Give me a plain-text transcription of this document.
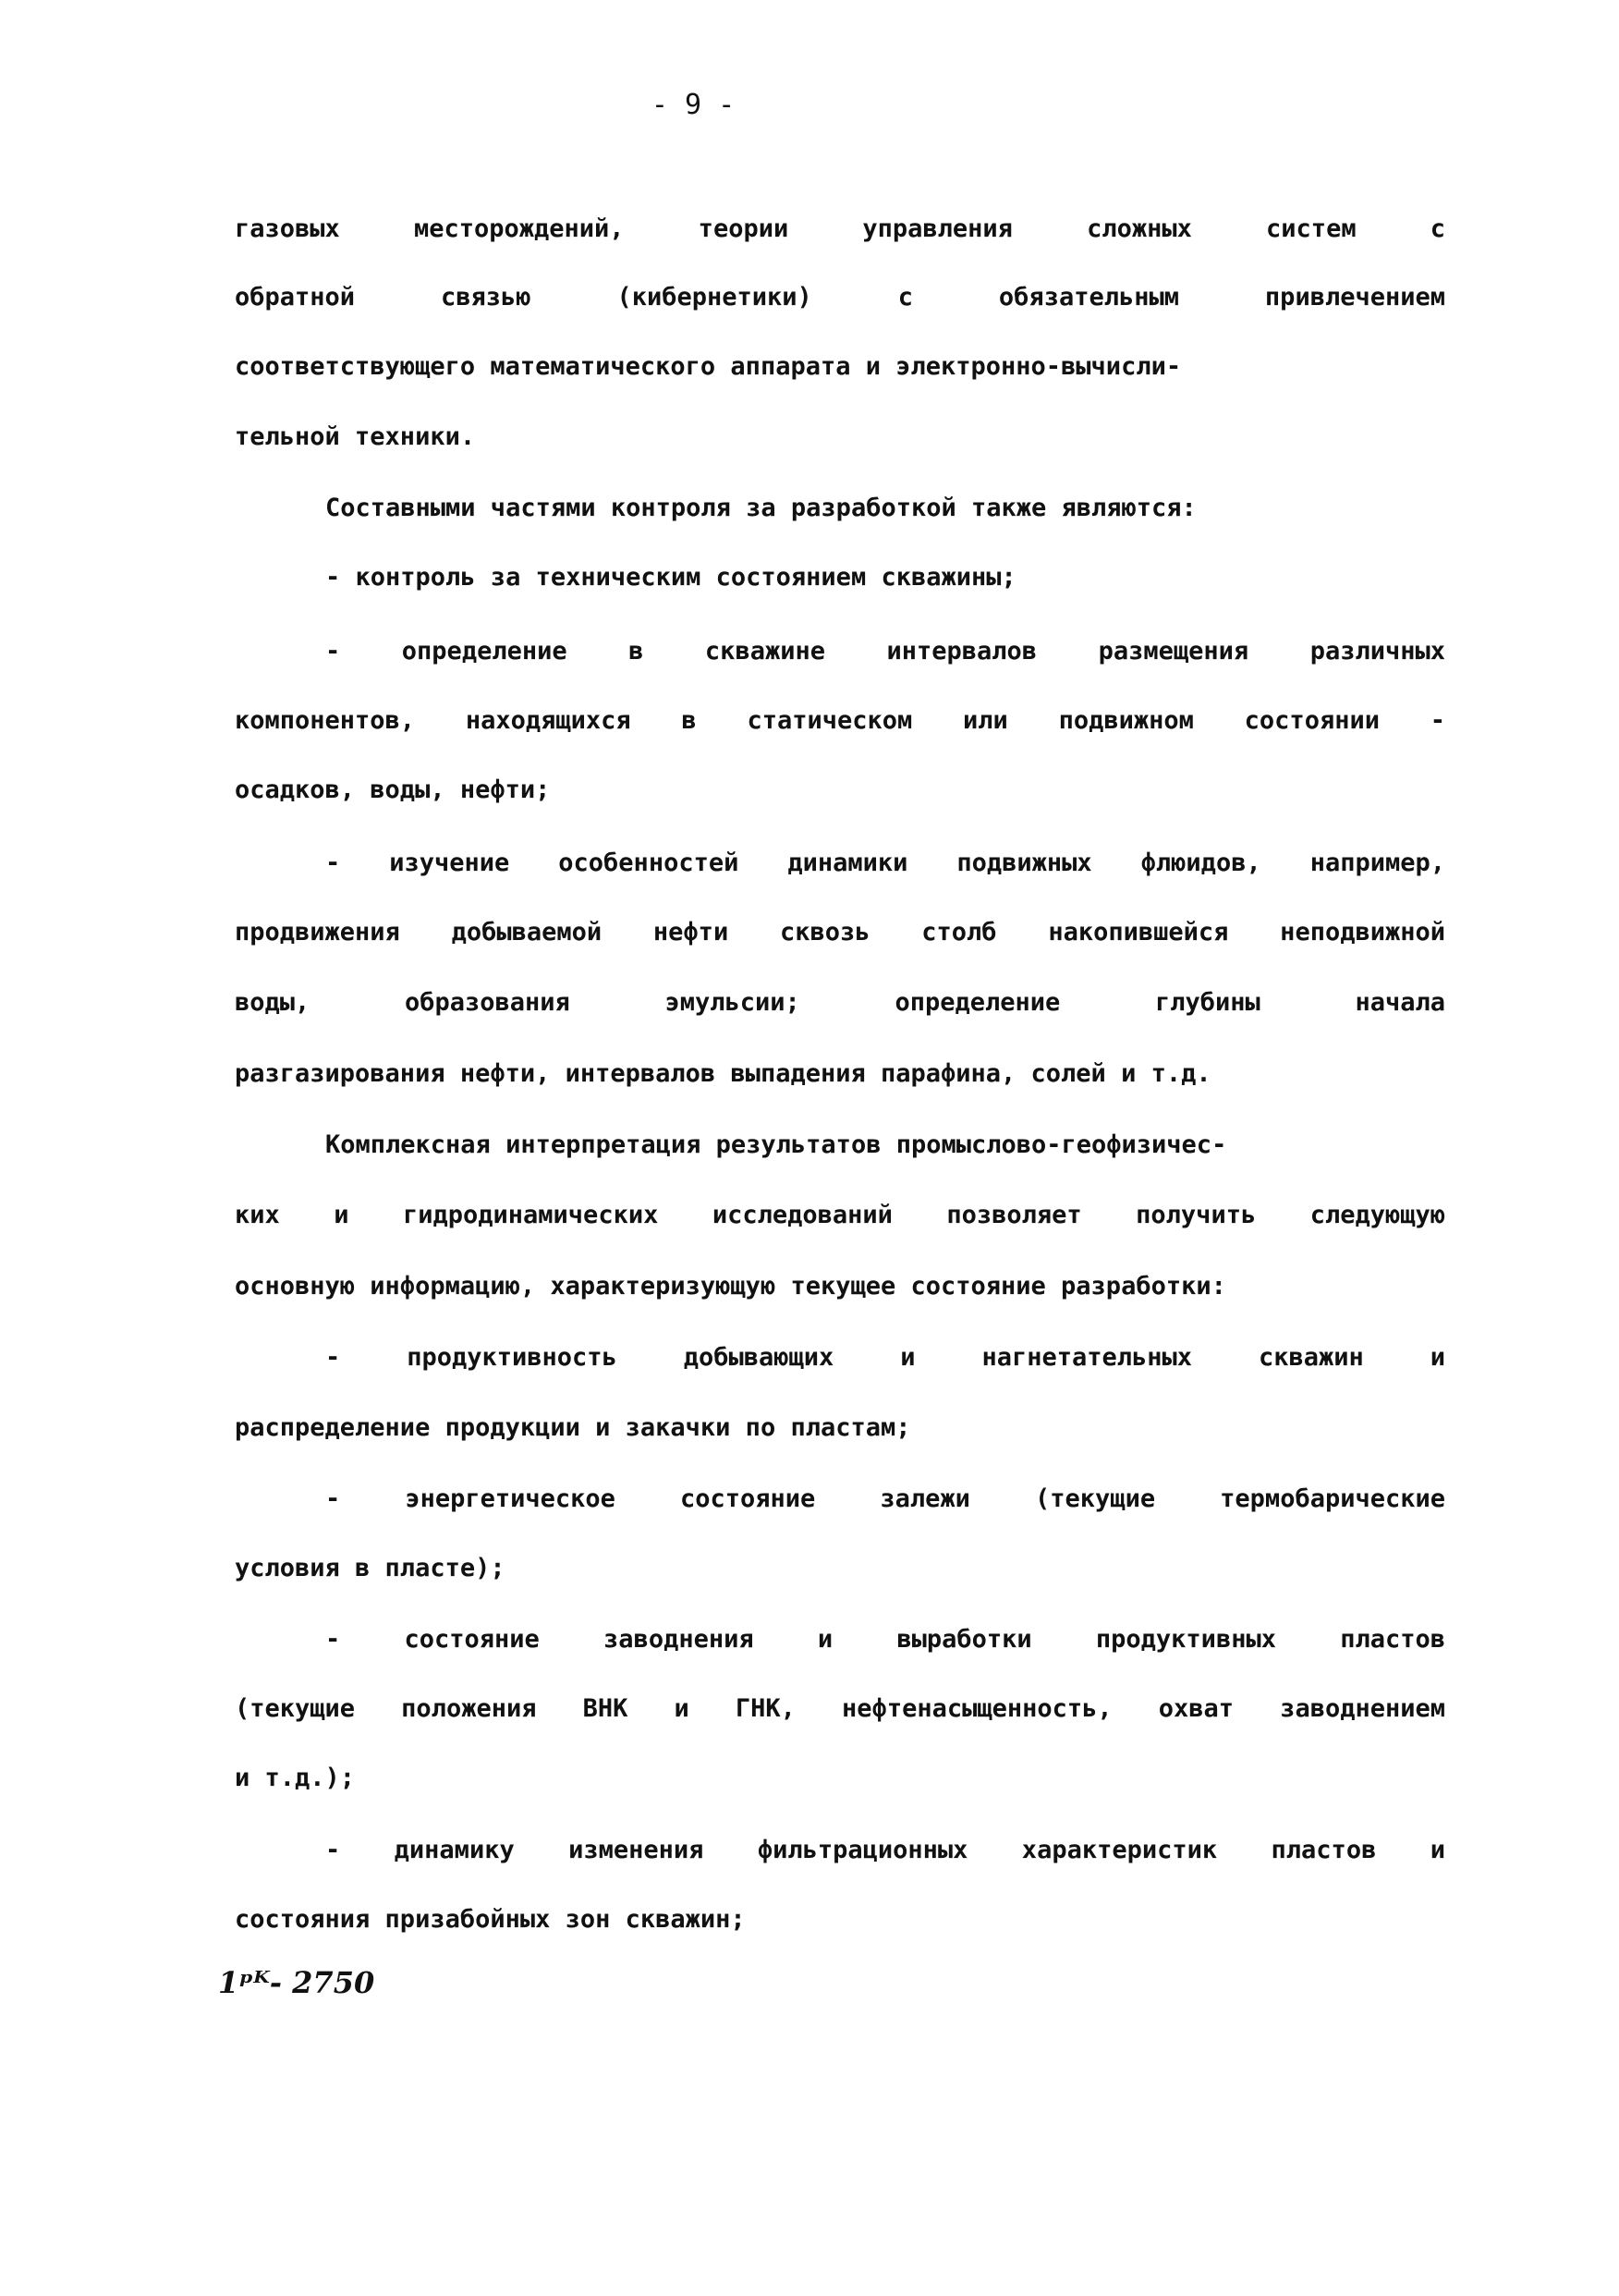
- 9 -
газовых месторождений, теории управления сложных систем с
обратной связью (кибернетики) с обязательным привлечением
соответствующего математического аппарата и электронно-вычисли-
тельной техники.
Составными частями контроля за разработкой также являются:
- контроль за техническим состоянием скважины;
- определение в скважине интервалов размещения различных
компонентов, находящихся в статическом или подвижном состоянии -
осадков, воды, нефти;
- изучение особенностей динамики подвижных флюидов, например,
продвижения добываемой нефти сквозь столб накопившейся неподвижной
воды, образования эмульсии; определение глубины начала
разгазирования нефти, интервалов выпадения парафина, солей и т.д.
Комплексная интерпретация результатов промыслово-геофизичес-
ких и гидродинамических исследований позволяет получить следующую
основную информацию, характеризующую текущее состояние разработки:
- продуктивность добывающих и нагнетательных скважин и
распределение продукции и закачки по пластам;
- энергетическое состояние залежи (текущие термобарические
условия в пласте);
- состояние заводнения и выработки продуктивных пластов
(текущие положения ВНК и ГНК, нефтенасыщенность, охват заводнением
и т.д.);
- динамику изменения фильтрационных характеристик пластов и
состояния призабойных зон скважин;
1ᵖᴷ- 2750
